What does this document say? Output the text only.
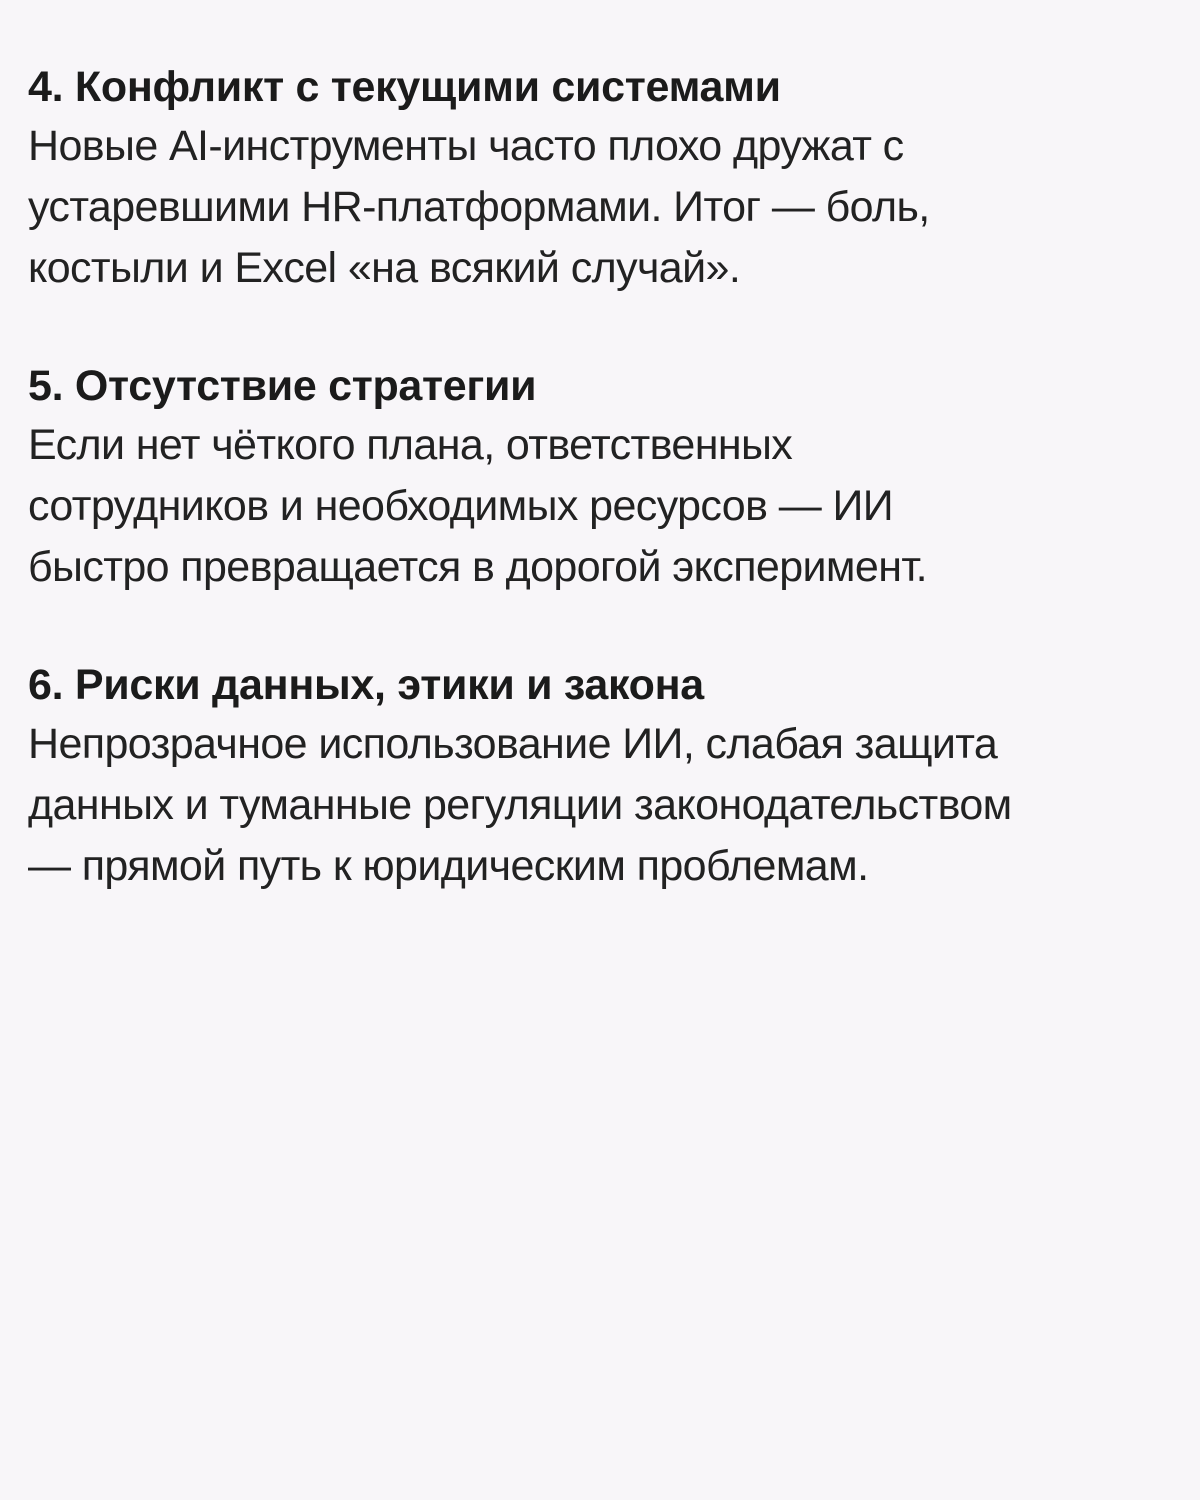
4. Конфликт с текущими системами

Новые AI-инструменты часто плохо дружат с

устаревшими HR-платформами. Итог — боль,

костыли и Excel «на всякий случай».

5. Отсутствие стратегии

Если нет чёткого плана, ответственных

сотрудников и необходимых ресурсов — ИИ

быстро превращается в дорогой эксперимент.

6. Риски данных, этики и закона

Непрозрачное использование ИИ, слабая защита

данных и туманные регуляции законодательством

— прямой путь к юридическим проблемам.
